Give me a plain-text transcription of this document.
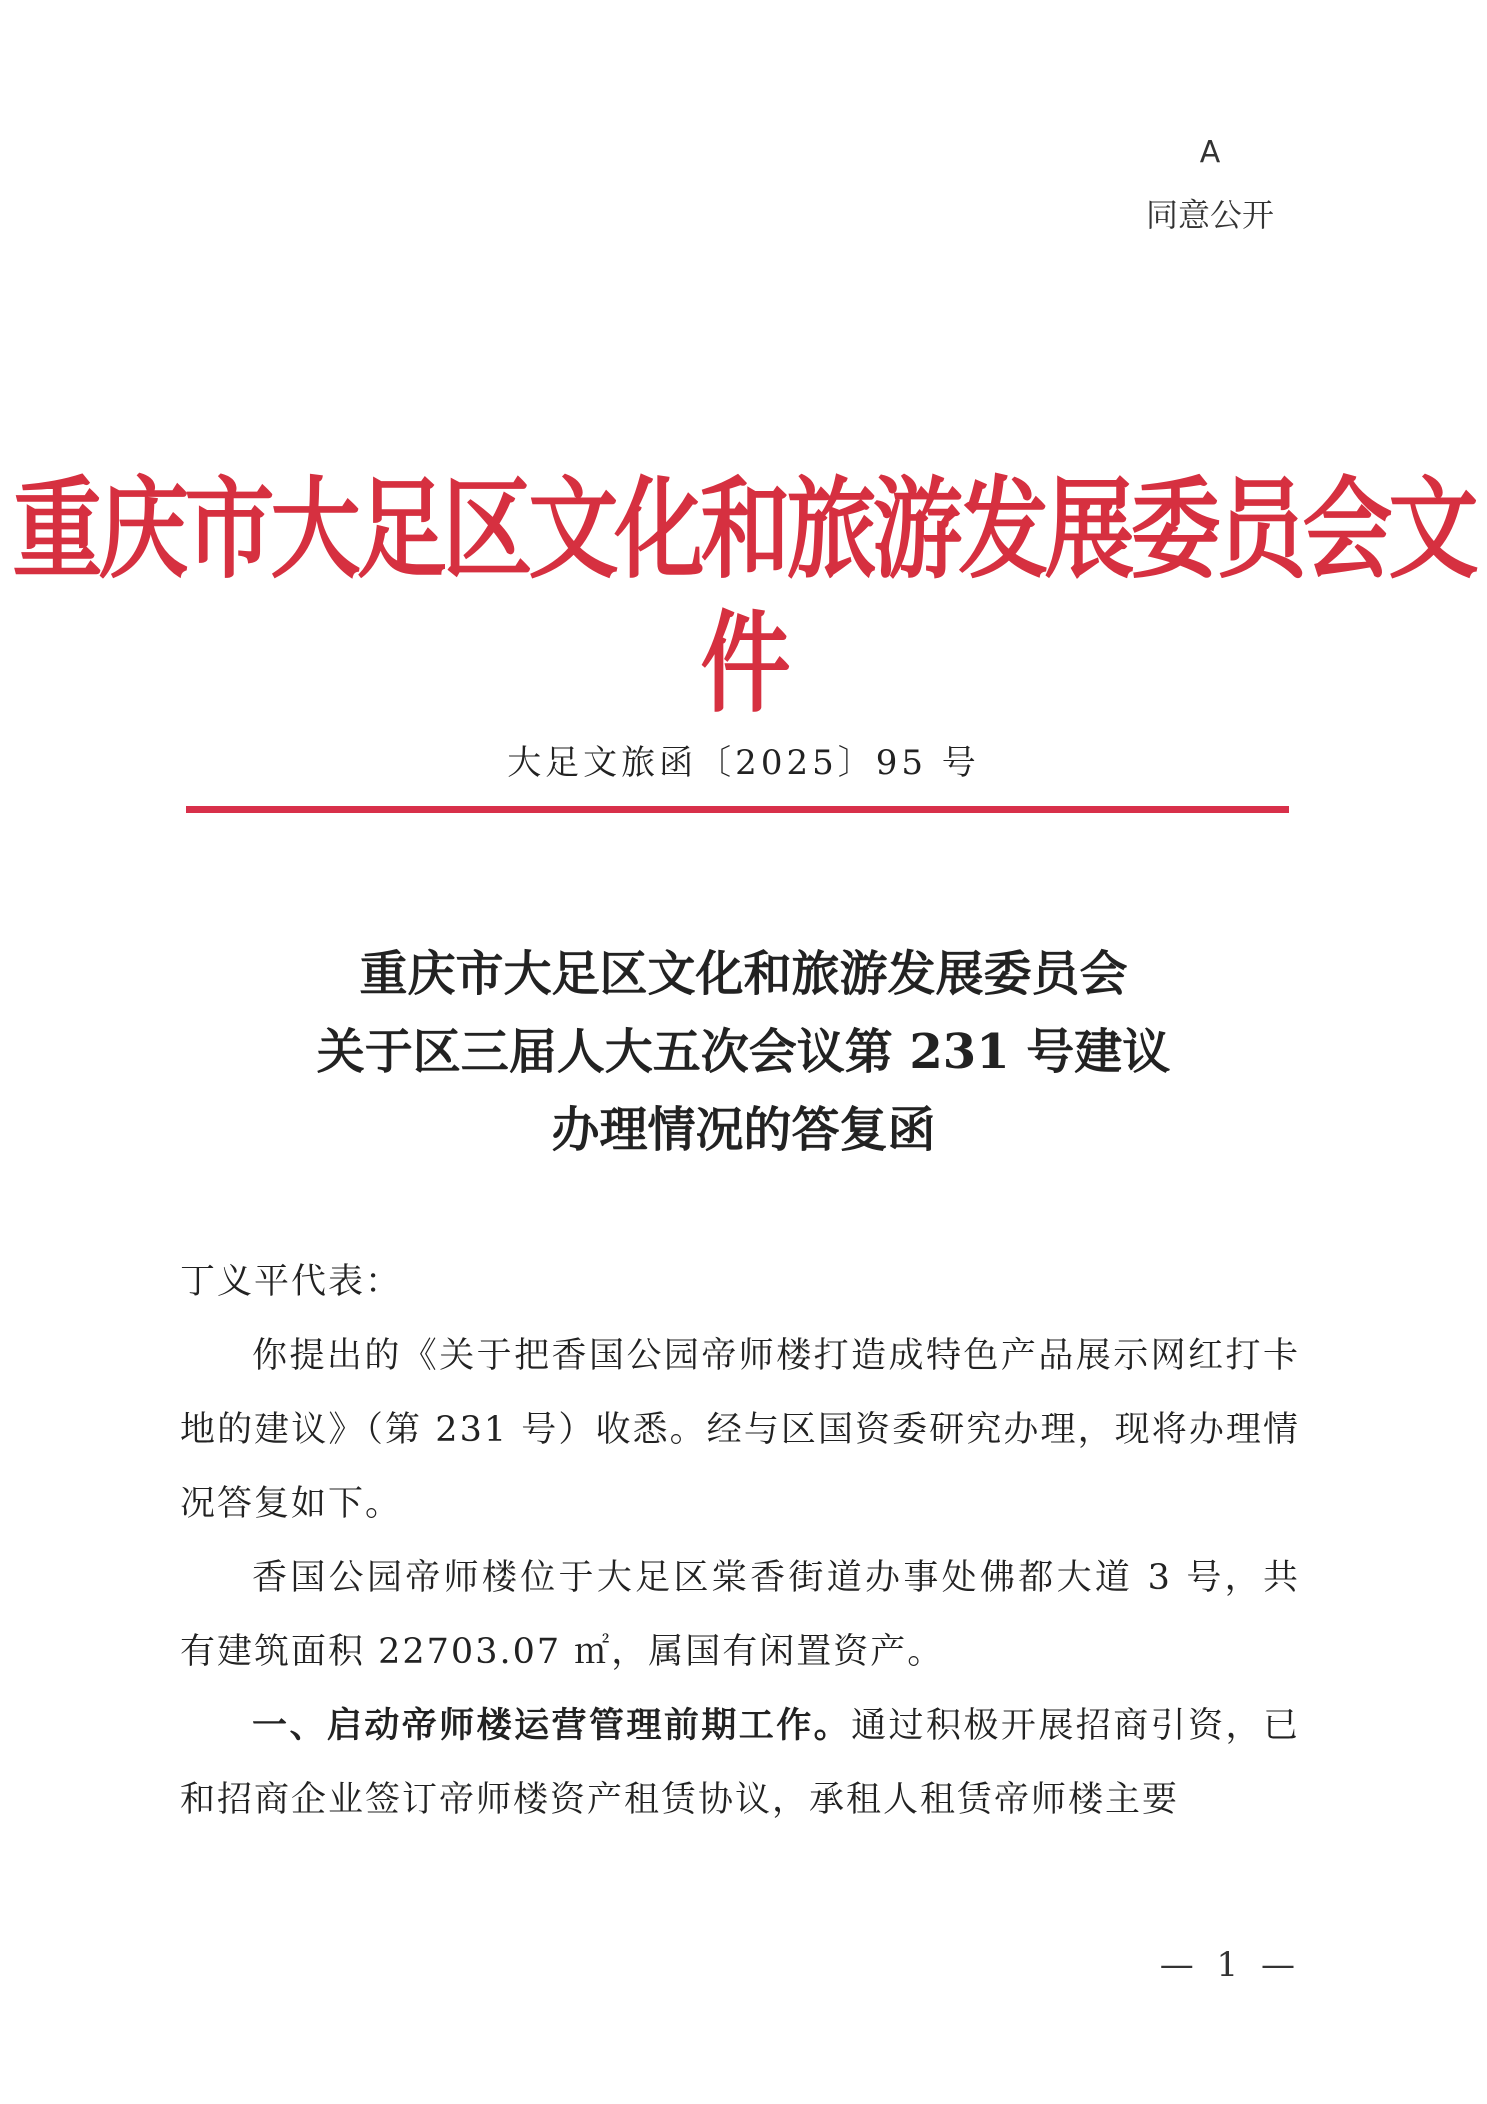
A
同意公开
重庆市大足区文化和旅游发展委员会文件
大足文旅函〔2025〕95 号
重庆市大足区文化和旅游发展委员会
关于区三届人大五次会议第 231 号建议
办理情况的答复函

丁义平代表：

你提出的《关于把香国公园帝师楼打造成特色产品展示网红打卡地的建议》（第 231 号）收悉。经与区国资委研究办理，现将办理情况答复如下。

香国公园帝师楼位于大足区棠香街道办事处佛都大道 3 号，共有建筑面积 22703.07 ㎡，属国有闲置资产。

一、启动帝师楼运营管理前期工作。通过积极开展招商引资，已和招商企业签订帝师楼资产租赁协议，承租人租赁帝师楼主要

— 1 —
